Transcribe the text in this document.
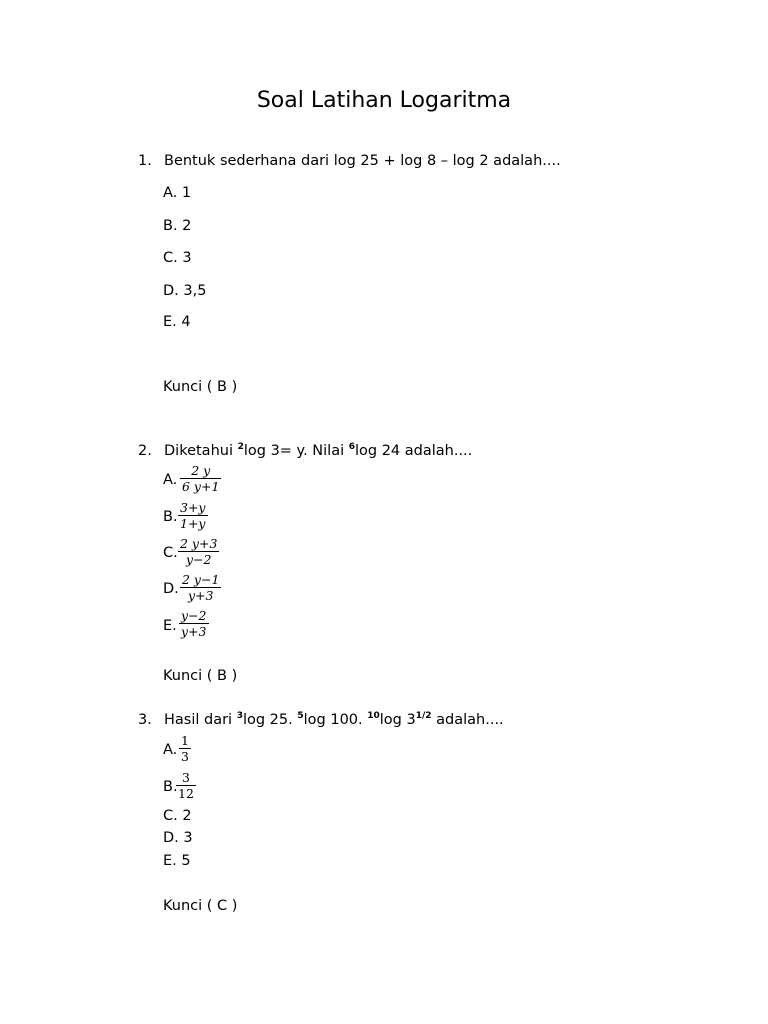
Soal Latihan Logaritma
1. Bentuk sederhana dari log 25 + log 8 – log 2 adalah....
A. 1
B. 2
C. 3
D. 3,5
E. 4
Kunci ( B )
2. Diketahui $^2$log 3= y. Nilai $^6$log 24 adalah....
A. $\frac{2 y}{6 y+1}$
B. $\frac{3+y}{1+y}$
C. $\frac{2 y+3}{y-2}$
D. $\frac{2 y-1}{y+3}$
E. $\frac{y-2}{y+3}$
Kunci ( B )
3. Hasil dari $^3$log 25. $^5$log 100. $^{10}$log $3^{1/2}$ adalah....
A. $\frac{1}{3}$
B.
$\frac{3}{12}$
C. 2
D. 3
E. 5
Kunci ( C )
